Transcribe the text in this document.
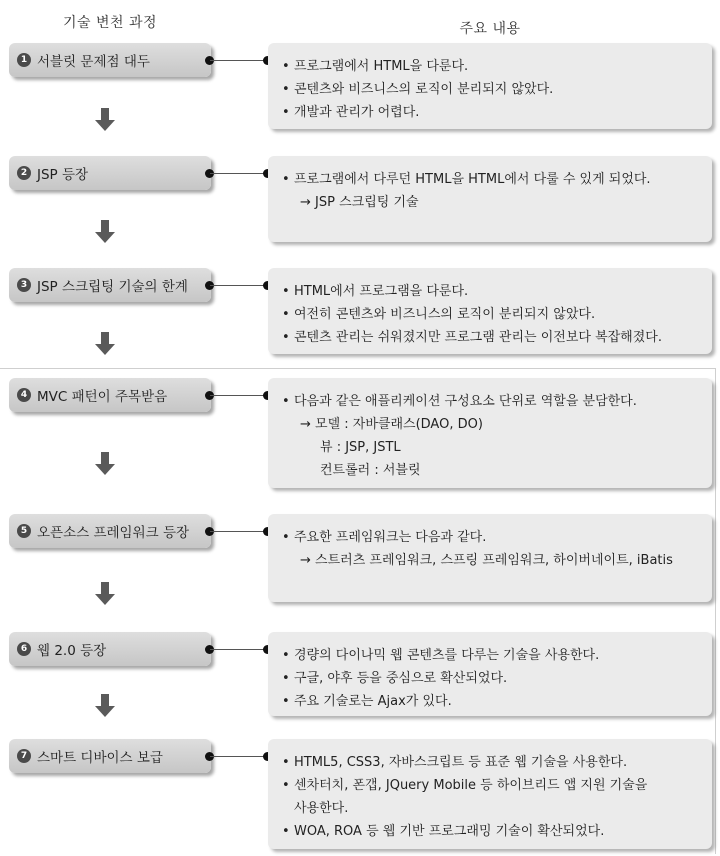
기술 변천 과정	주요 내용
1 서블릿 문제점 대두	• 프로그램에서 HTML을 다룬다.
• 콘텐츠와 비즈니스의 로직이 분리되지 않았다.
• 개발과 관리가 어렵다.
2 JSP 등장	• 프로그램에서 다루던 HTML을 HTML에서 다룰 수 있게 되었다.
→ JSP 스크립팅 기술
3 JSP 스크립팅 기술의 한계	• HTML에서 프로그램을 다룬다.
• 여전히 콘텐츠와 비즈니스의 로직이 분리되지 않았다.
• 콘텐츠 관리는 쉬워졌지만 프로그램 관리는 이전보다 복잡해졌다.
4 MVC 패턴이 주목받음	• 다음과 같은 애플리케이션 구성요소 단위로 역할을 분담한다.
→ 모델 : 자바클래스(DAO, DO)
뷰 : JSP, JSTL
컨트롤러 : 서블릿
5 오픈소스 프레임워크 등장	• 주요한 프레임워크는 다음과 같다.
→ 스트러츠 프레임워크, 스프링 프레임워크, 하이버네이트, iBatis
6 웹 2.0 등장	• 경량의 다이나믹 웹 콘텐츠를 다루는 기술을 사용한다.
• 구글, 야후 등을 중심으로 확산되었다.
• 주요 기술로는 Ajax가 있다.
7 스마트 디바이스 보급	• HTML5, CSS3, 자바스크립트 등 표준 웹 기술을 사용한다.
• 센차터치, 폰갭, JQuery Mobile 등 하이브리드 앱 지원 기술을
사용한다.
• WOA, ROA 등 웹 기반 프로그래밍 기술이 확산되었다.
